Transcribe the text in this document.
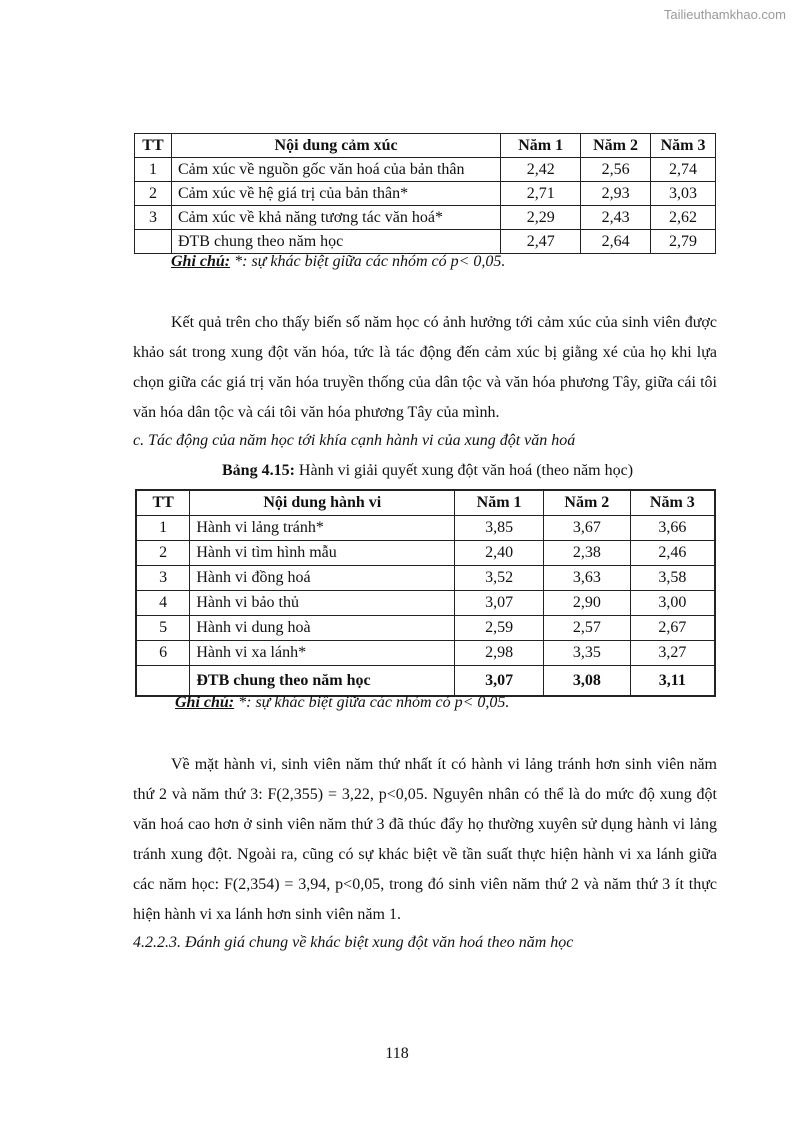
Tailieuthamkhao.com
TT	Nội dung cảm xúc	Năm 1	Năm 2	Năm 3
1	Cảm xúc về nguồn gốc văn hoá của bản thân	2,42	2,56	2,74
2	Cảm xúc về hệ giá trị của bản thân*	2,71	2,93	3,03
3	Cảm xúc về khả năng tương tác văn hoá*	2,29	2,43	2,62
	ĐTB chung theo năm học	2,47	2,64	2,79
Ghi chú: *: sự khác biệt giữa các nhóm có p< 0,05.
Kết quả trên cho thấy biến số năm học có ảnh hưởng tới cảm xúc của sinh viên được khảo sát trong xung đột văn hóa, tức là tác động đến cảm xúc bị giằng xé của họ khi lựa chọn giữa các giá trị văn hóa truyền thống của dân tộc và văn hóa phương Tây, giữa cái tôi văn hóa dân tộc và cái tôi văn hóa phương Tây của mình.
c. Tác động của năm học tới khía cạnh hành vi của xung đột văn hoá
Bảng 4.15: Hành vi giải quyết xung đột văn hoá (theo năm học)
TT	Nội dung hành vi	Năm 1	Năm 2	Năm 3
1	Hành vi lảng tránh*	3,85	3,67	3,66
2	Hành vi tìm hình mẫu	2,40	2,38	2,46
3	Hành vi đồng hoá	3,52	3,63	3,58
4	Hành vi bảo thủ	3,07	2,90	3,00
5	Hành vi dung hoà	2,59	2,57	2,67
6	Hành vi xa lánh*	2,98	3,35	3,27
	ĐTB chung theo năm học	3,07	3,08	3,11
Ghi chú: *: sự khác biệt giữa các nhóm có p< 0,05.
Về mặt hành vi, sinh viên năm thứ nhất ít có hành vi lảng tránh hơn sinh viên năm thứ 2 và năm thứ 3: F(2,355) = 3,22, p<0,05. Nguyên nhân có thể là do mức độ xung đột văn hoá cao hơn ở sinh viên năm thứ 3 đã thúc đẩy họ thường xuyên sử dụng hành vi lảng tránh xung đột. Ngoài ra, cũng có sự khác biệt về tần suất thực hiện hành vi xa lánh giữa các năm học: F(2,354) = 3,94, p<0,05, trong đó sinh viên năm thứ 2 và năm thứ 3 ít thực hiện hành vi xa lánh hơn sinh viên năm 1.
4.2.2.3. Đánh giá chung về khác biệt xung đột văn hoá theo năm học
118
